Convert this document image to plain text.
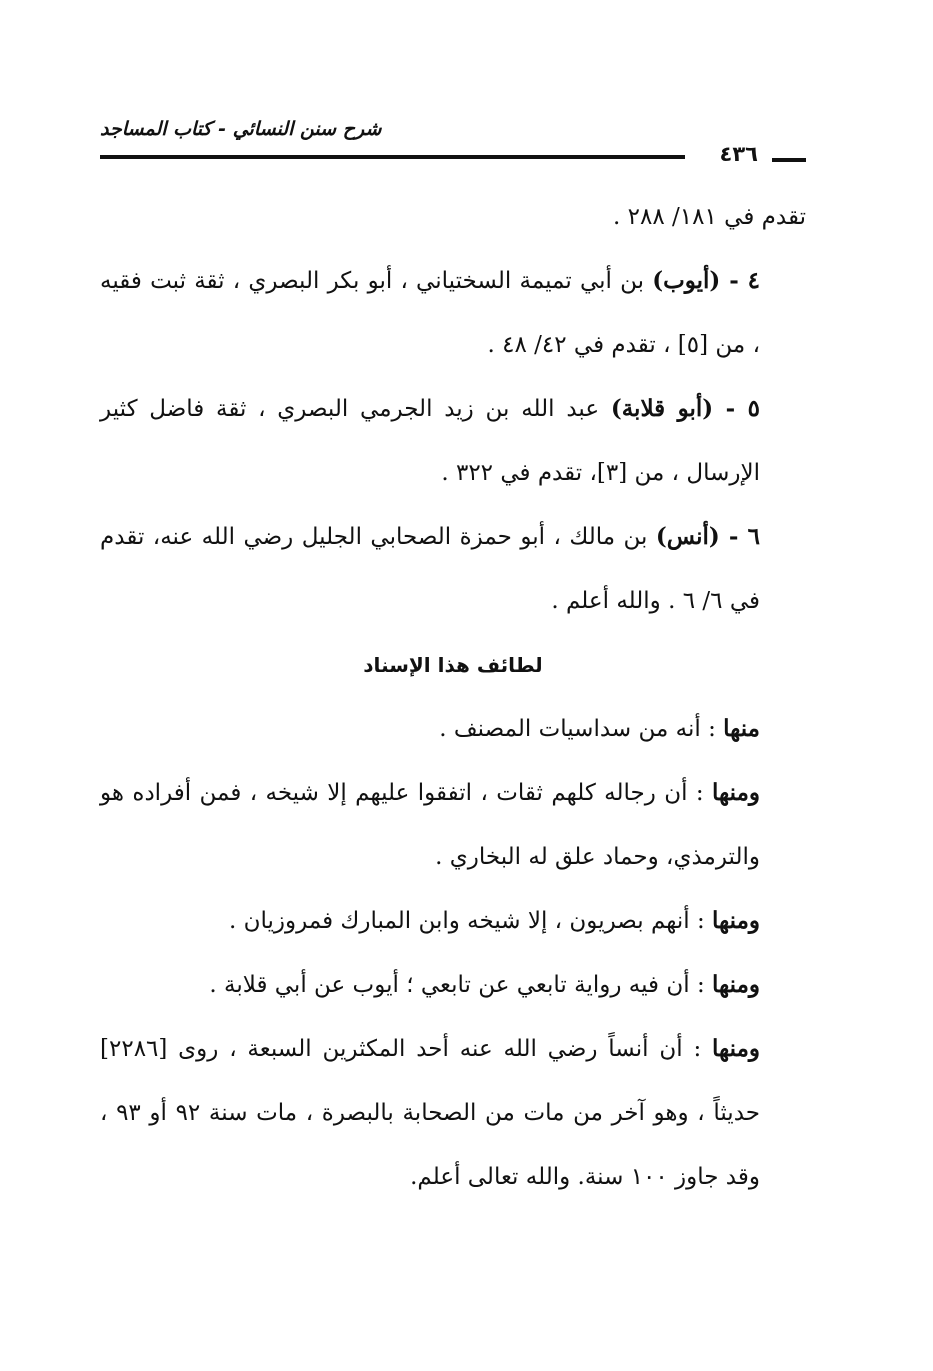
شرح سنن النسائي - كتاب المساجد
٤٣٦

تقدم في ١٨١/ ٢٨٨ .

٤ - (أيوب) بن أبي تميمة السختياني ، أبو بكر البصري ، ثقة ثبت فقيه ، من [٥] ، تقدم في ٤٢/ ٤٨ .

٥ - (أبو قلابة) عبد الله بن زيد الجرمي البصري ، ثقة فاضل كثير الإرسال ، من [٣]، تقدم في ٣٢٢ .

٦ - (أنس) بن مالك ، أبو حمزة الصحابي الجليل رضي الله عنه، تقدم في ٦/ ٦ . والله أعلم .

لطائف هذا الإسناد

منها : أنه من سداسيات المصنف .

ومنها : أن رجاله كلهم ثقات ، اتفقوا عليهم إلا شيخه ، فمن أفراده هو والترمذي، وحماد علق له البخاري .

ومنها : أنهم بصريون ، إلا شيخه وابن المبارك فمروزيان .

ومنها : أن فيه رواية تابعي عن تابعي ؛ أيوب عن أبي قلابة .

ومنها : أن أنساً رضي الله عنه أحد المكثرين السبعة ، روى [٢٢٨٦] حديثاً ، وهو آخر من مات من الصحابة بالبصرة ، مات سنة ٩٢ أو ٩٣ ، وقد جاوز ١٠٠ سنة. والله تعالى أعلم.
